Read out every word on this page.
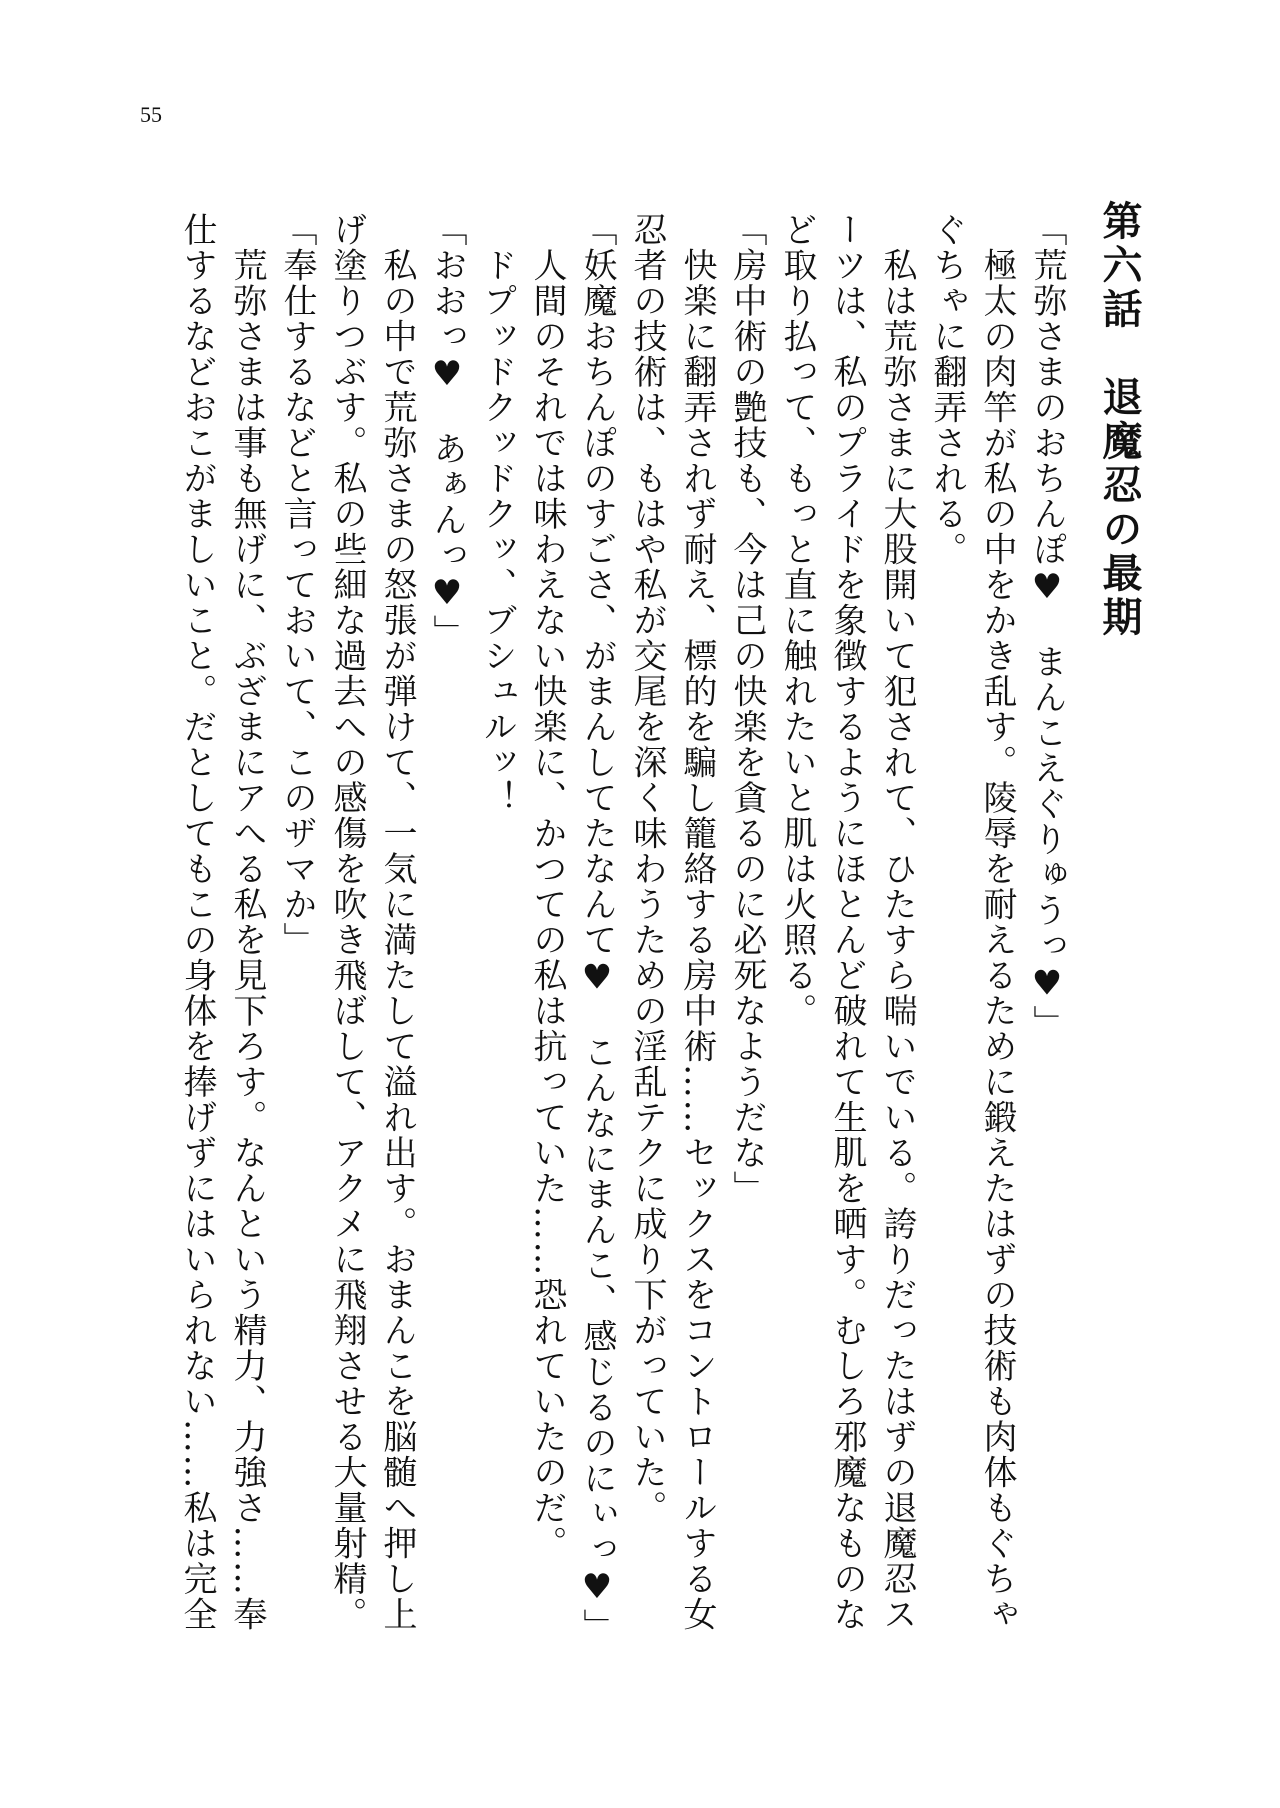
55
第六話　退魔忍の最期
「荒弥さまのおちんぽ♥　まんこえぐりゅうっ♥」
　極太の肉竿が私の中をかき乱す。陵辱を耐えるために鍛えたはずの技術も肉体もぐちゃ
ぐちゃに翻弄される。
　私は荒弥さまに大股開いて犯されて、ひたすら喘いでいる。誇りだったはずの退魔忍ス
ーツは、私のプライドを象徴するようにほとんど破れて生肌を晒す。むしろ邪魔なものな
ど取り払って、もっと直に触れたいと肌は火照る。
「房中術の艶技も、今は己の快楽を貪るのに必死なようだな」
　快楽に翻弄されず耐え、標的を騙し籠絡する房中術……セックスをコントロールする女
忍者の技術は、もはや私が交尾を深く味わうための淫乱テクに成り下がっていた。
「妖魔おちんぽのすごさ、がまんしてたなんて♥　こんなにまんこ、感じるのにぃっ♥」
　人間のそれでは味わえない快楽に、かつての私は抗っていた……恐れていたのだ。
　ドプッドクッドクッ、ブシュルッ！
「おおっ♥　あぁんっ♥」
　私の中で荒弥さまの怒張が弾けて、一気に満たして溢れ出す。おまんこを脳髄へ押し上
げ塗りつぶす。私の些細な過去への感傷を吹き飛ばして、アクメに飛翔させる大量射精。
「奉仕するなどと言っておいて、このザマか」
　荒弥さまは事も無げに、ぶざまにアへる私を見下ろす。なんという精力、力強さ……奉
仕するなどおこがましいこと。だとしてもこの身体を捧げずにはいられない……私は完全
